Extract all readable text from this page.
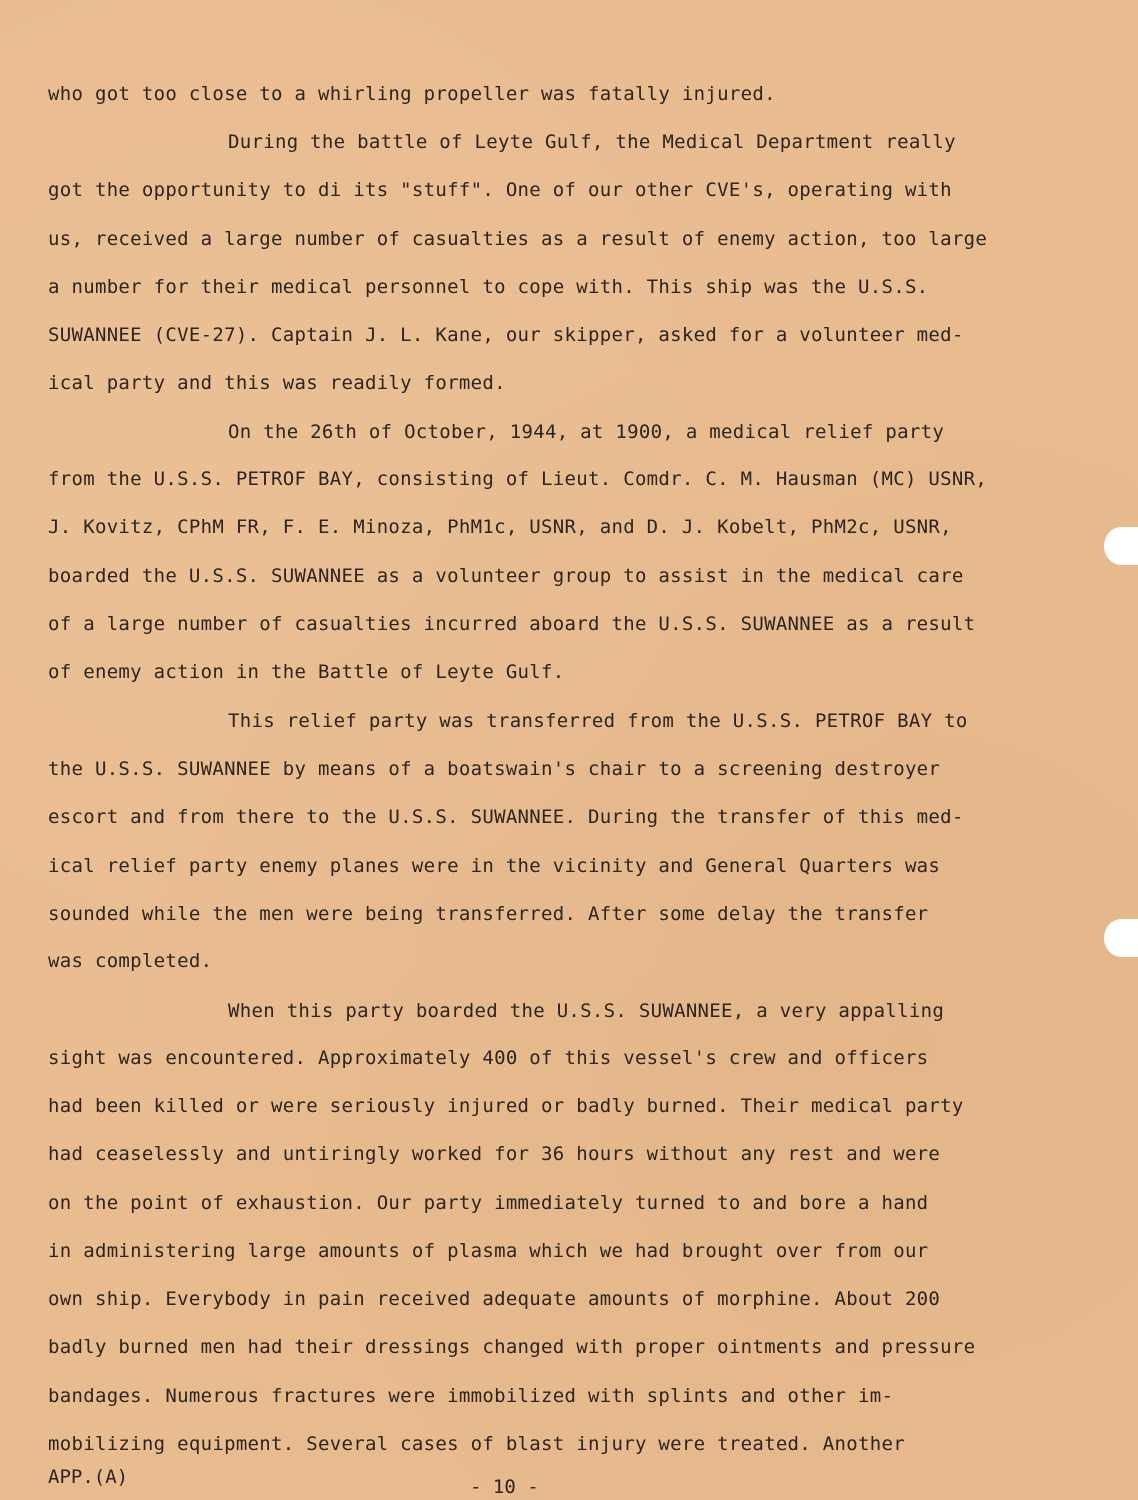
who got too close to a whirling propeller was fatally injured.
During the battle of Leyte Gulf, the Medical Department really
got the opportunity to di its "stuff". One of our other CVE's, operating with
us, received a large number of casualties as a result of enemy action, too large
a number for their medical personnel to cope with. This ship was the U.S.S.
SUWANNEE (CVE-27). Captain J. L. Kane, our skipper, asked for a volunteer med-
ical party and this was readily formed.
On the 26th of October, 1944, at 1900, a medical relief party
from the U.S.S. PETROF BAY, consisting of Lieut. Comdr. C. M. Hausman (MC) USNR,
J. Kovitz, CPhM FR, F. E. Minoza, PhM1c, USNR, and D. J. Kobelt, PhM2c, USNR,
boarded the U.S.S. SUWANNEE as a volunteer group to assist in the medical care
of a large number of casualties incurred aboard the U.S.S. SUWANNEE as a result
of enemy action in the Battle of Leyte Gulf.
This relief party was transferred from the U.S.S. PETROF BAY to
the U.S.S. SUWANNEE by means of a boatswain's chair to a screening destroyer
escort and from there to the U.S.S. SUWANNEE. During the transfer of this med-
ical relief party enemy planes were in the vicinity and General Quarters was
sounded while the men were being transferred. After some delay the transfer
was completed.
When this party boarded the U.S.S. SUWANNEE, a very appalling
sight was encountered. Approximately 400 of this vessel's crew and officers
had been killed or were seriously injured or badly burned. Their medical party
had ceaselessly and untiringly worked for 36 hours without any rest and were
on the point of exhaustion. Our party immediately turned to and bore a hand
in administering large amounts of plasma which we had brought over from our
own ship. Everybody in pain received adequate amounts of morphine. About 200
badly burned men had their dressings changed with proper ointments and pressure
bandages. Numerous fractures were immobilized with splints and other im-
mobilizing equipment. Several cases of blast injury were treated. Another
APP.(A)	- 10 -
